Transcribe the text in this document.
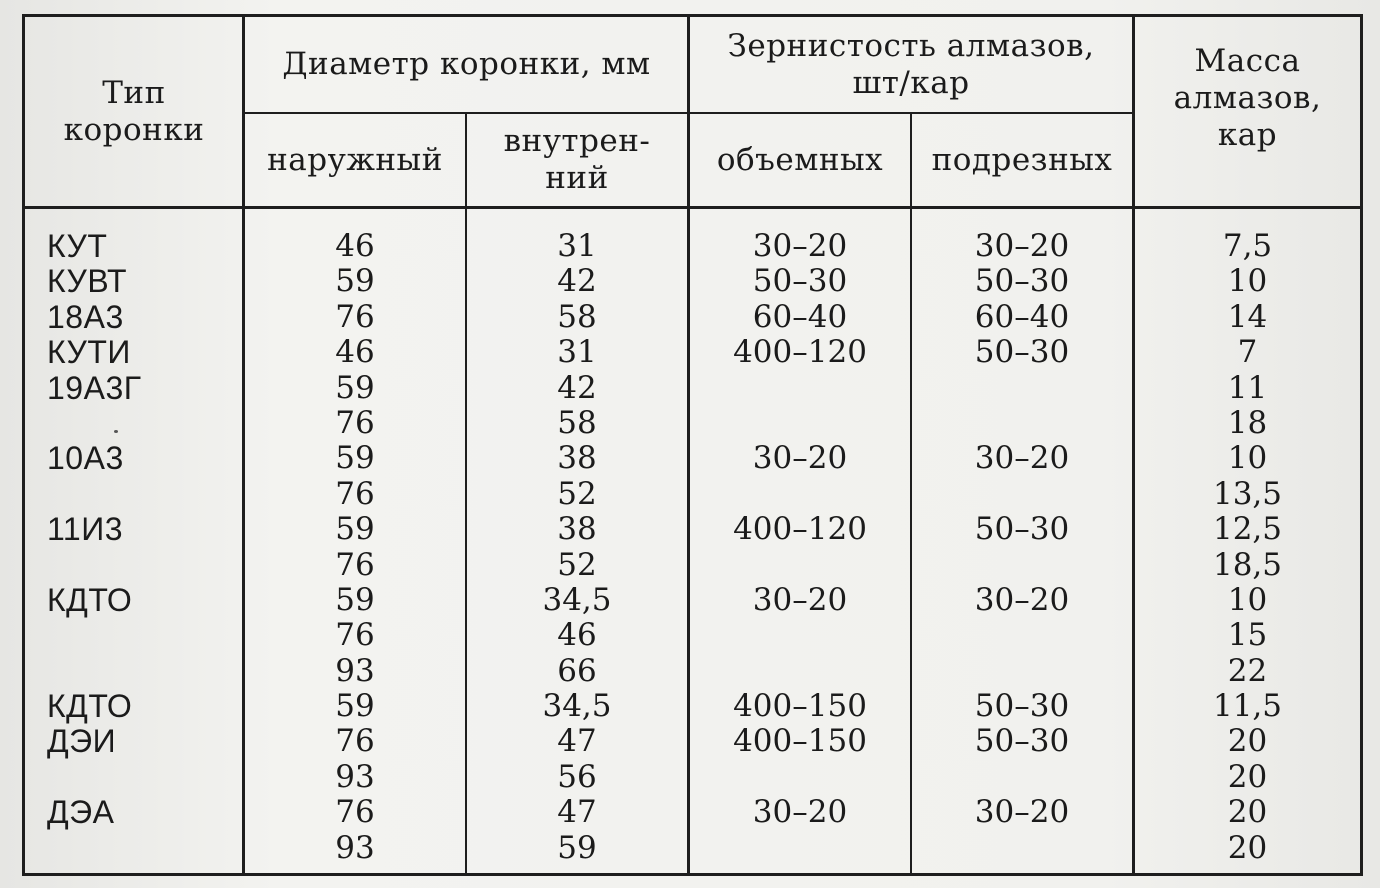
Тип коронки
Диаметр коронки, мм
наружный
внутрен-
ний
Зернистость алмазов,
шт/кар
объемных подрезных
Масса
алмазов,
кар
КУТ
КУВТ
18А3
КУТИ
19А3Г
10А3
11И3
КДТО
КДТО
ДЭИ
ДЭА
46
59
76
46
59
76
59
76
59
76
59
76
93
59
76
93
76
93
31
42
58
31
42
58
38
52
38
52
34,5
46
66
34,5
47
56
47
59
30–20
50–30
60–40
400–120
30–20
400–120
30–20
400–150
400–150
30–20
30–20
50–30
60–40
50–30
30–20
50–30
30–20
50–30
50–30
30–20
7,5
10
14
7
11
18
10
13,5
12,5
18,5
10
15
22
11,5
20
20
20
20
